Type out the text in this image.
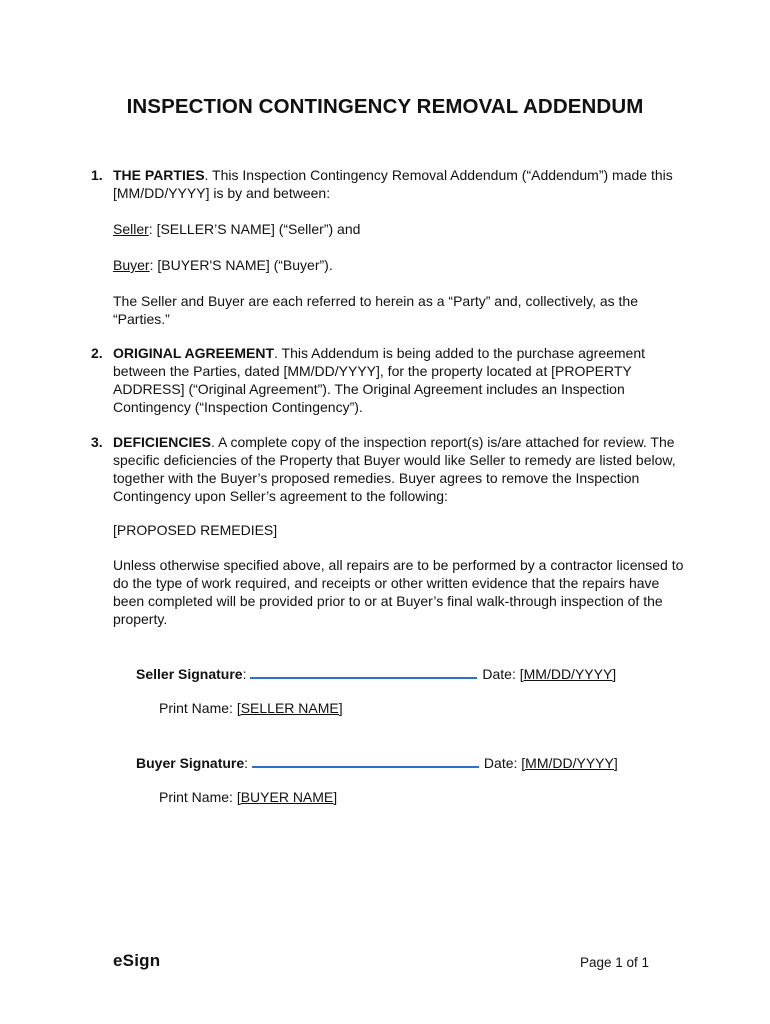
INSPECTION CONTINGENCY REMOVAL ADDENDUM
1. THE PARTIES. This Inspection Contingency Removal Addendum (“Addendum”) made this [MM/DD/YYYY] is by and between:

Seller: [SELLER’S NAME] (“Seller”) and

Buyer: [BUYER'S NAME] (“Buyer”).

The Seller and Buyer are each referred to herein as a “Party” and, collectively, as the “Parties.”

2. ORIGINAL AGREEMENT. This Addendum is being added to the purchase agreement between the Parties, dated [MM/DD/YYYY], for the property located at [PROPERTY ADDRESS] (“Original Agreement”). The Original Agreement includes an Inspection Contingency (“Inspection Contingency”).

3. DEFICIENCIES. A complete copy of the inspection report(s) is/are attached for review. The specific deficiencies of the Property that Buyer would like Seller to remedy are listed below, together with the Buyer’s proposed remedies. Buyer agrees to remove the Inspection Contingency upon Seller’s agreement to the following:

[PROPOSED REMEDIES]

Unless otherwise specified above, all repairs are to be performed by a contractor licensed to do the type of work required, and receipts or other written evidence that the repairs have been completed will be provided prior to or at Buyer’s final walk-through inspection of the property.

Seller Signature:	Date: [MM/DD/YYYY]
Print Name: [SELLER NAME]
Buyer Signature:	Date: [MM/DD/YYYY]
Print Name: [BUYER NAME]
eSign	Page 1 of 1
